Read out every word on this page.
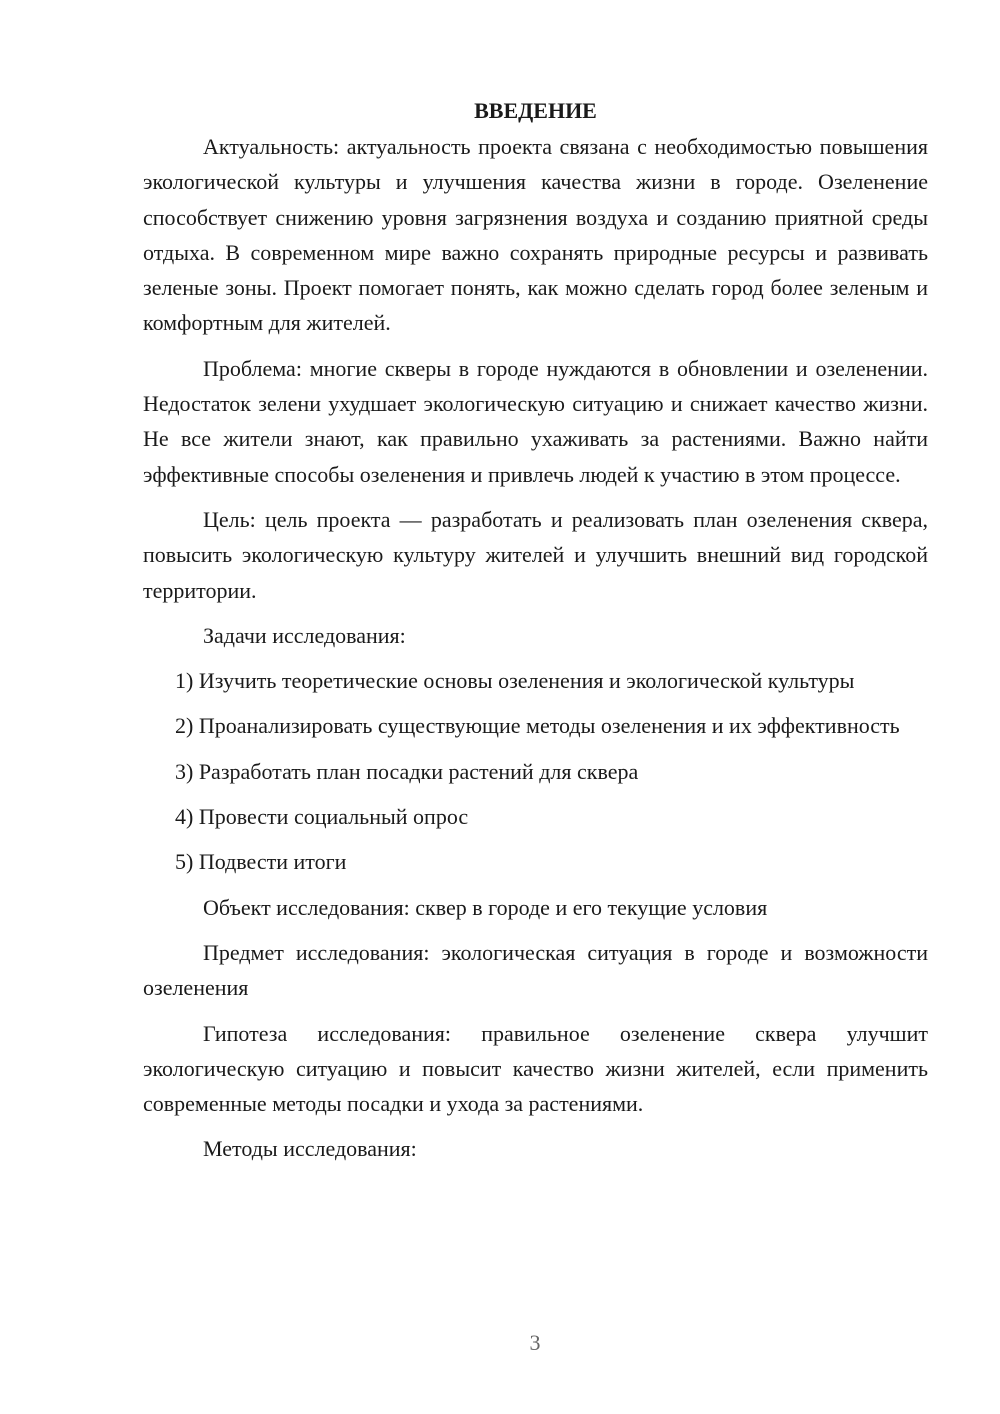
ВВЕДЕНИЕ

Актуальность: актуальность проекта связана с необходимостью повышения экологической культуры и улучшения качества жизни в городе. Озеленение способствует снижению уровня загрязнения воздуха и созданию приятной среды отдыха. В современном мире важно сохранять природные ресурсы и развивать зеленые зоны. Проект помогает понять, как можно сделать город более зеленым и комфортным для жителей.

Проблема: многие скверы в городе нуждаются в обновлении и озеленении. Недостаток зелени ухудшает экологическую ситуацию и снижает качество жизни. Не все жители знают, как правильно ухаживать за растениями. Важно найти эффективные способы озеленения и привлечь людей к участию в этом процессе.

Цель: цель проекта — разработать и реализовать план озеленения сквера, повысить экологическую культуру жителей и улучшить внешний вид городской территории.

Задачи исследования:

1) Изучить теоретические основы озеленения и экологической культуры

2) Проанализировать существующие методы озеленения и их эффективность

3) Разработать план посадки растений для сквера

4) Провести социальный опрос

5) Подвести итоги

Объект исследования: сквер в городе и его текущие условия

Предмет исследования: экологическая ситуация в городе и возможности озеленения

Гипотеза исследования: правильное озеленение сквера улучшит экологическую ситуацию и повысит качество жизни жителей, если применить современные методы посадки и ухода за растениями.

Методы исследования:

3
